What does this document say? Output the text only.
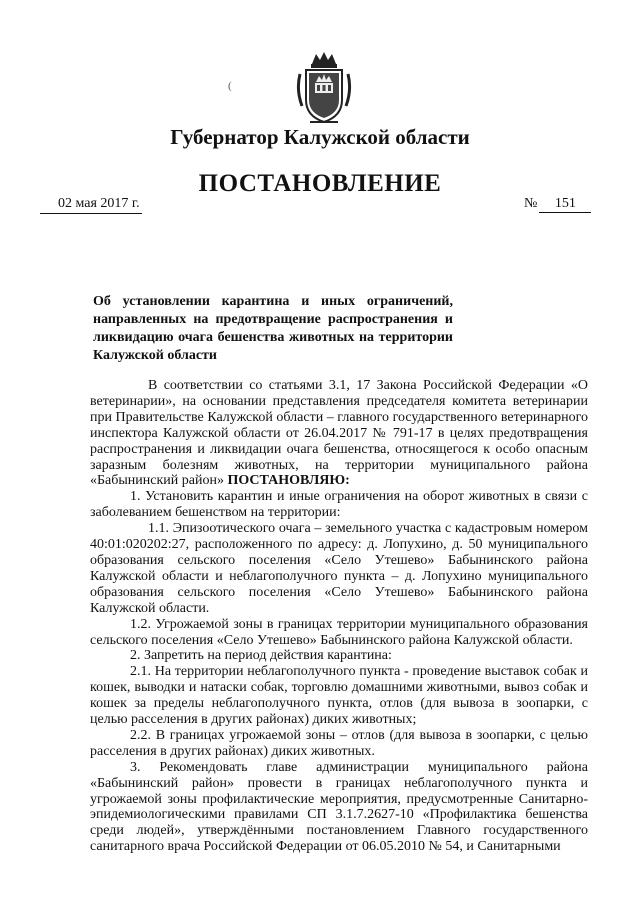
(
Губернатор Калужской области
ПОСТАНОВЛЕНИЕ
02 мая 2017 г.	№ 151
Об установлении карантина и иных ограничений, направленных на предотвращение распространения и ликвидацию очага бешенства животных на территории Калужской области

В соответствии со статьями 3.1, 17 Закона Российской Федерации «О ветеринарии», на основании представления председателя комитета ветеринарии при Правительстве Калужской области – главного государственного ветеринарного инспектора Калужской области от 26.04.2017 № 791-17 в целях предотвращения распространения и ликвидации очага бешенства, относящегося к особо опасным заразным болезням животных, на территории муниципального района «Бабынинский район» ПОСТАНОВЛЯЮ:

1. Установить карантин и иные ограничения на оборот животных в связи с заболеванием бешенством на территории:

1.1. Эпизоотического очага – земельного участка с кадастровым номером 40:01:020202:27, расположенного по адресу: д. Лопухино, д. 50 муниципального образования сельского поселения «Село Утешево» Бабынинского района Калужской области и неблагополучного пункта – д. Лопухино муниципального образования сельского поселения «Село Утешево» Бабынинского района Калужской области.

1.2. Угрожаемой зоны в границах территории муниципального образования сельского поселения «Село Утешево» Бабынинского района Калужской области.

2. Запретить на период действия карантина:

2.1. На территории неблагополучного пункта - проведение выставок собак и кошек, выводки и натаски собак, торговлю домашними животными, вывоз собак и кошек за пределы неблагополучного пункта, отлов (для вывоза в зоопарки, с целью расселения в других районах) диких животных;

2.2. В границах угрожаемой зоны – отлов (для вывоза в зоопарки, с целью расселения в других районах) диких животных.

3. Рекомендовать главе администрации муниципального района «Бабынинский район» провести в границах неблагополучного пункта и угрожаемой зоны профилактические мероприятия, предусмотренные Санитарно-эпидемиологическими правилами СП 3.1.7.2627-10 «Профилактика бешенства среди людей», утверждёнными постановлением Главного государственного санитарного врача Российской Федерации от 06.05.2010 № 54, и Санитарными
